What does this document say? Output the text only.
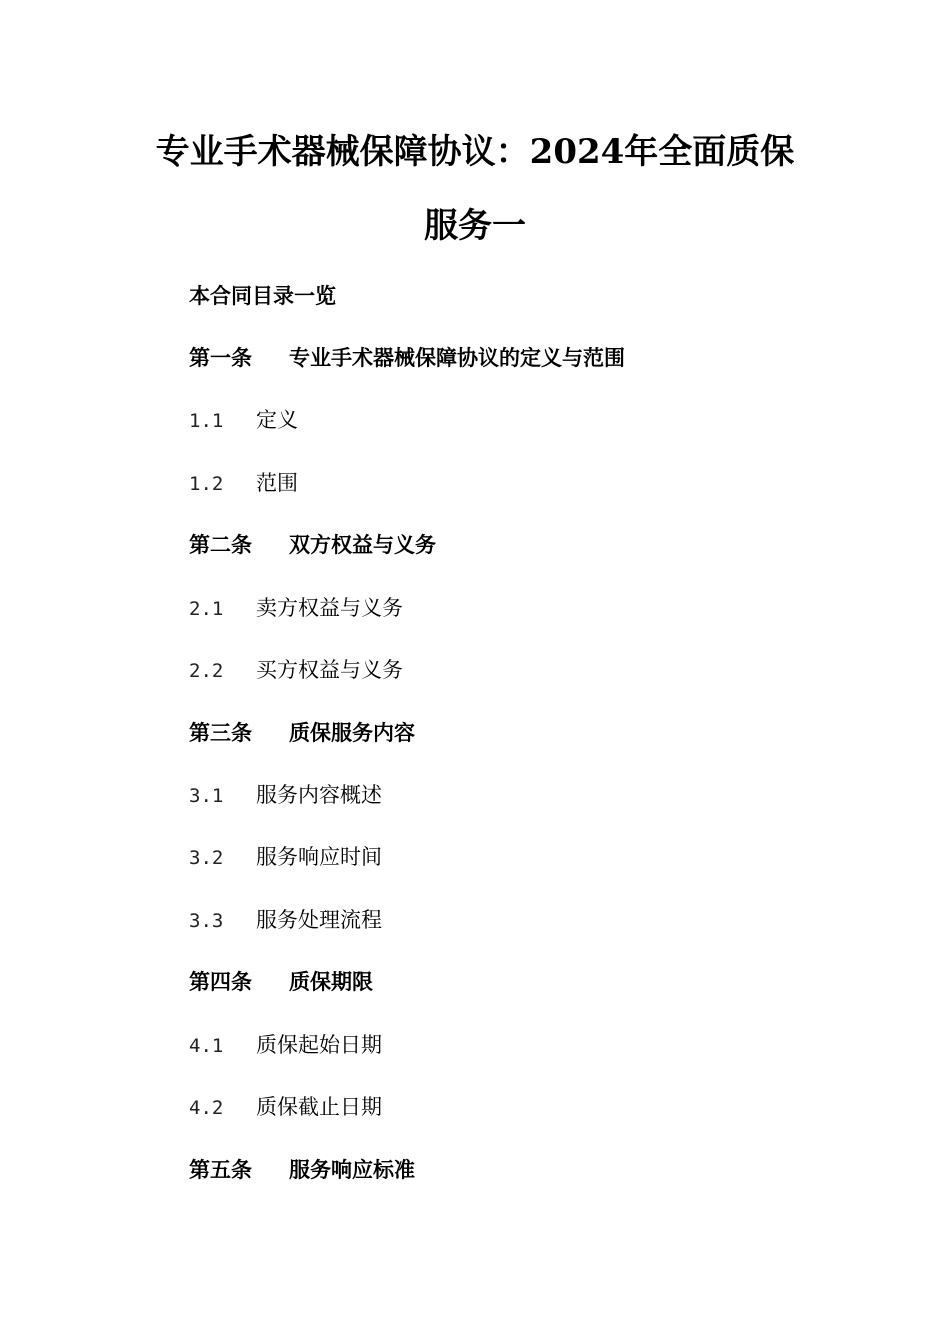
专业手术器械保障协议：2024年全面质保
服务一
本合同目录一览
第一条 专业手术器械保障协议的定义与范围
1.1 定义
1.2 范围
第二条 双方权益与义务
2.1 卖方权益与义务
2.2 买方权益与义务
第三条 质保服务内容
3.1 服务内容概述
3.2 服务响应时间
3.3 服务处理流程
第四条 质保期限
4.1 质保起始日期
4.2 质保截止日期
第五条 服务响应标准
